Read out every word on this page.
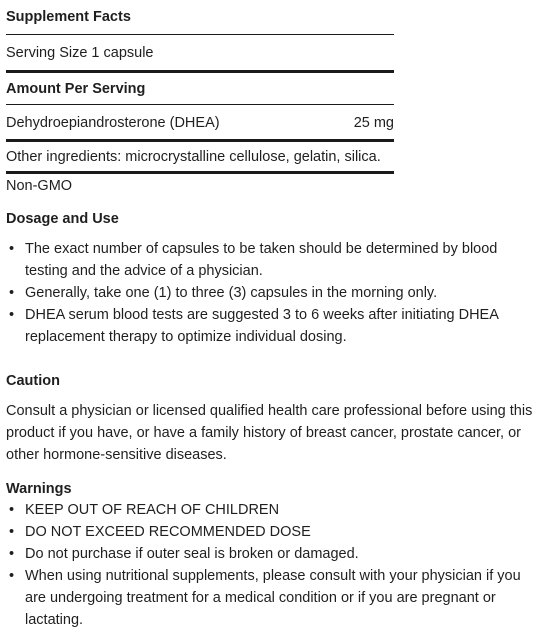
Supplement Facts
Serving Size 1 capsule
Amount Per Serving
Dehydroepiandrosterone (DHEA)	25 mg
Other ingredients: microcrystalline cellulose, gelatin, silica.
Non-GMO
Dosage and Use
• The exact number of capsules to be taken should be determined by blood testing and the advice of a physician.
• Generally, take one (1) to three (3) capsules in the morning only.
• DHEA serum blood tests are suggested 3 to 6 weeks after initiating DHEA replacement therapy to optimize individual dosing.
Caution
Consult a physician or licensed qualified health care professional before using this product if you have, or have a family history of breast cancer, prostate cancer, or other hormone-sensitive diseases.
Warnings
• KEEP OUT OF REACH OF CHILDREN
• DO NOT EXCEED RECOMMENDED DOSE
• Do not purchase if outer seal is broken or damaged.
• When using nutritional supplements, please consult with your physician if you are undergoing treatment for a medical condition or if you are pregnant or lactating.
